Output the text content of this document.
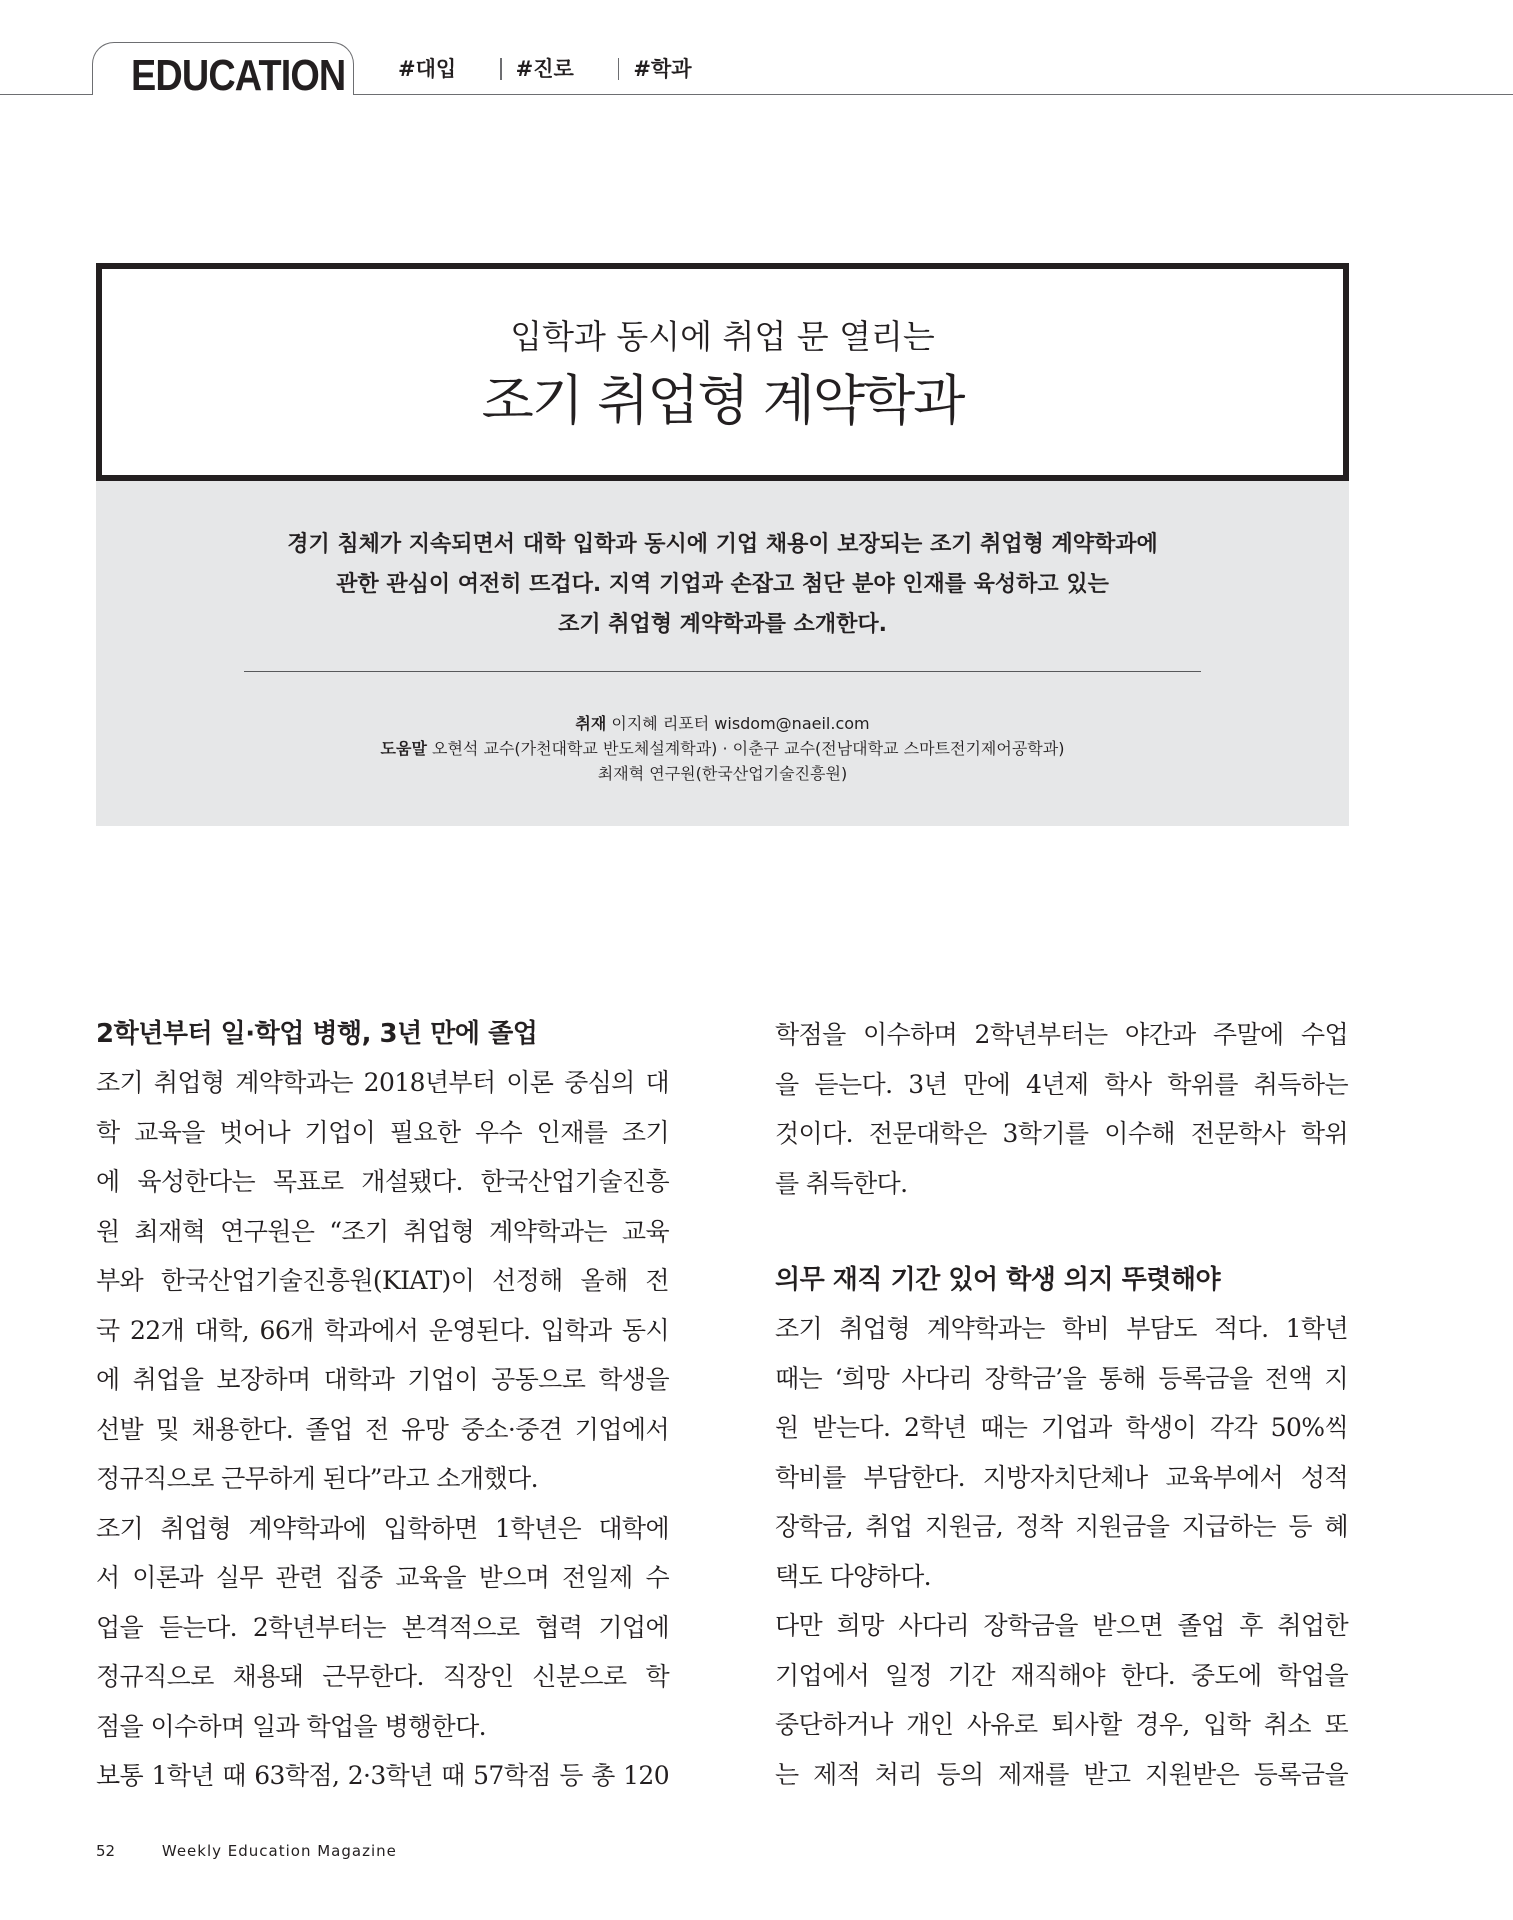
EDUCATION	#대입	#진로	#학과

입학과 동시에 취업 문 열리는

조기 취업형 계약학과

경기 침체가 지속되면서 대학 입학과 동시에 기업 채용이 보장되는 조기 취업형 계약학과에
관한 관심이 여전히 뜨겁다. 지역 기업과 손잡고 첨단 분야 인재를 육성하고 있는
조기 취업형 계약학과를 소개한다.

취재 이지혜 리포터 wisdom@naeil.com
도움말 오현석 교수(가천대학교 반도체설계학과) · 이춘구 교수(전남대학교 스마트전기제어공학과)
최재혁 연구원(한국산업기술진흥원)
2학년부터 일·학업 병행, 3년 만에 졸업
조기 취업형 계약학과는 2018년부터 이론 중심의 대
학 교육을 벗어나 기업이 필요한 우수 인재를 조기
에 육성한다는 목표로 개설됐다. 한국산업기술진흥
원 최재혁 연구원은 “조기 취업형 계약학과는 교육
부와 한국산업기술진흥원(KIAT)이 선정해 올해 전
국 22개 대학, 66개 학과에서 운영된다. 입학과 동시
에 취업을 보장하며 대학과 기업이 공동으로 학생을
선발 및 채용한다. 졸업 전 유망 중소·중견 기업에서
정규직으로 근무하게 된다”라고 소개했다.
조기 취업형 계약학과에 입학하면 1학년은 대학에
서 이론과 실무 관련 집중 교육을 받으며 전일제 수
업을 듣는다. 2학년부터는 본격적으로 협력 기업에
정규직으로 채용돼 근무한다. 직장인 신분으로 학
점을 이수하며 일과 학업을 병행한다.
보통 1학년 때 63학점, 2·3학년 때 57학점 등 총 120
학점을 이수하며 2학년부터는 야간과 주말에 수업
을 듣는다. 3년 만에 4년제 학사 학위를 취득하는
것이다. 전문대학은 3학기를 이수해 전문학사 학위
를 취득한다.
의무 재직 기간 있어 학생 의지 뚜렷해야
조기 취업형 계약학과는 학비 부담도 적다. 1학년
때는 ‘희망 사다리 장학금’을 통해 등록금을 전액 지
원 받는다. 2학년 때는 기업과 학생이 각각 50%씩
학비를 부담한다. 지방자치단체나 교육부에서 성적
장학금, 취업 지원금, 정착 지원금을 지급하는 등 혜
택도 다양하다.
다만 희망 사다리 장학금을 받으면 졸업 후 취업한
기업에서 일정 기간 재직해야 한다. 중도에 학업을
중단하거나 개인 사유로 퇴사할 경우, 입학 취소 또
는 제적 처리 등의 제재를 받고 지원받은 등록금을
52	Weekly Education Magazine
